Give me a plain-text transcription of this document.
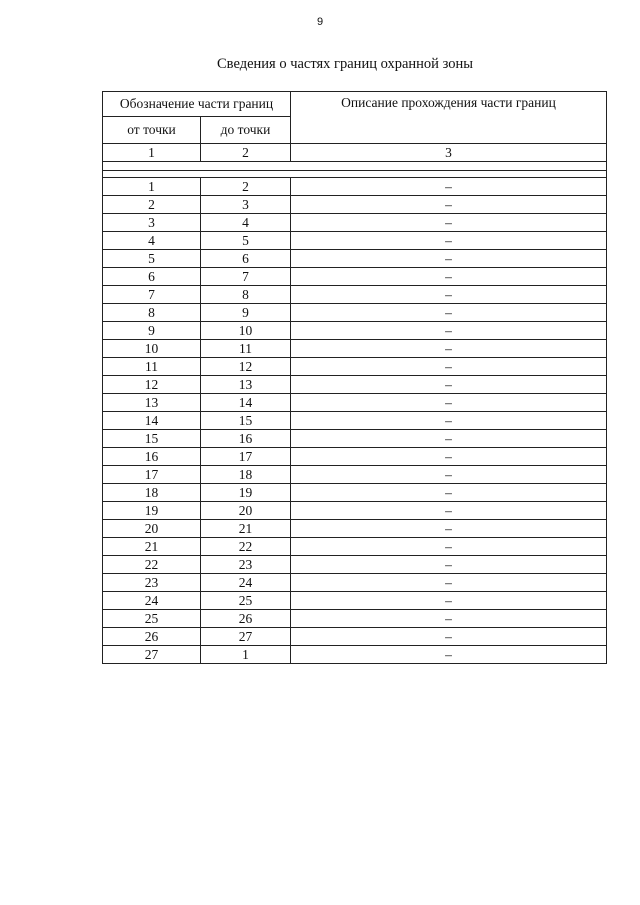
9
Сведения о частях границ охранной зоны
Обозначение части границ		Описание прохождения части границ
от точки	до точки	
1	2	3

1	2	–
2	3	–
3	4	–
4	5	–
5	6	–
6	7	–
7	8	–
8	9	–
9	10	–
10	11	–
11	12	–
12	13	–
13	14	–
14	15	–
15	16	–
16	17	–
17	18	–
18	19	–
19	20	–
20	21	–
21	22	–
22	23	–
23	24	–
24	25	–
25	26	–
26	27	–
27	1	–
